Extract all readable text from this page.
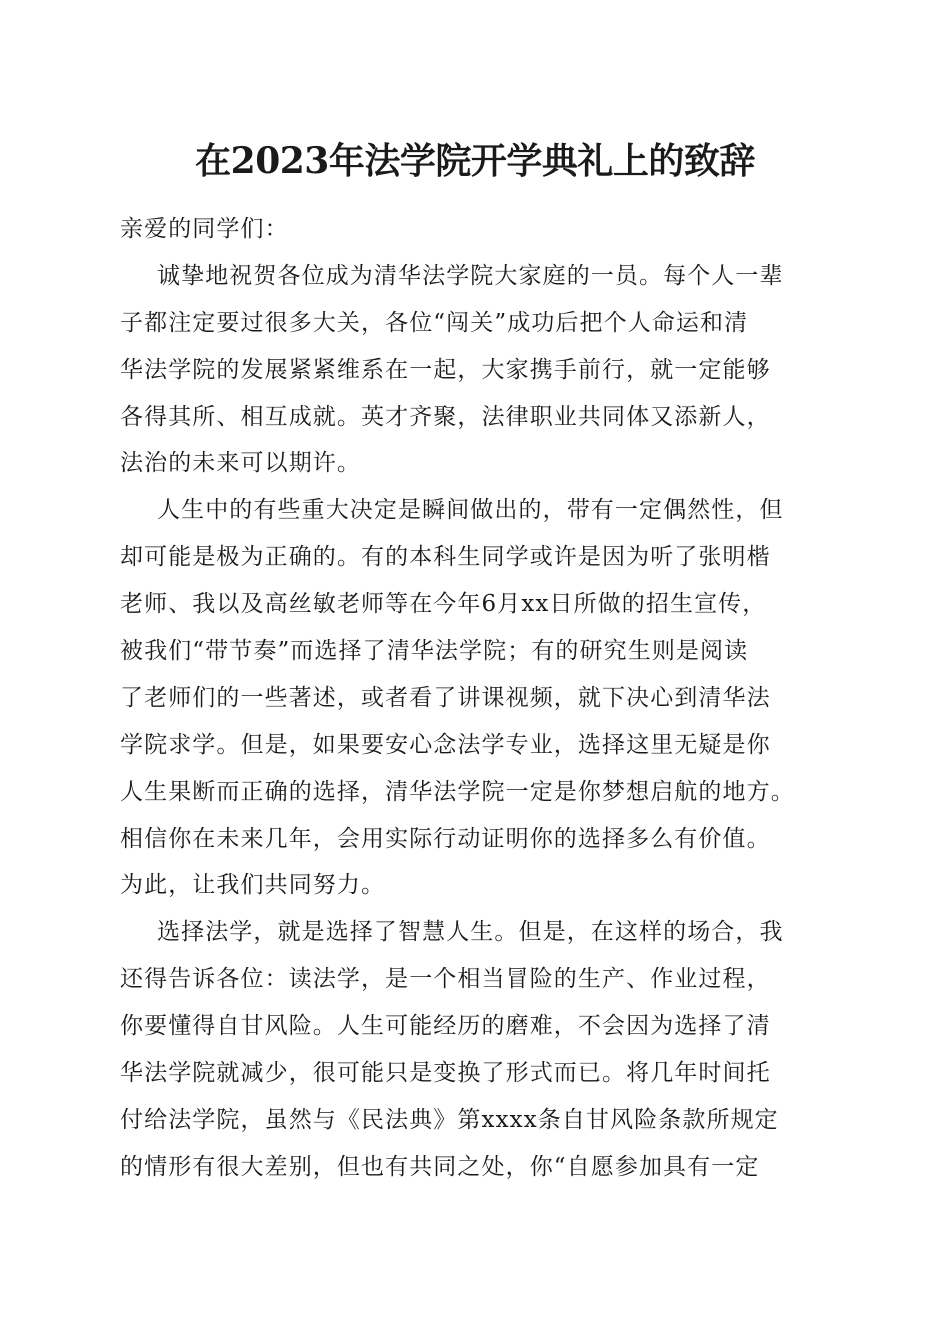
在2023年法学院开学典礼上的致辞
亲爱的同学们：
诚挚地祝贺各位成为清华法学院大家庭的一员。每个人一辈
子都注定要过很多大关，各位“闯关”成功后把个人命运和清
华法学院的发展紧紧维系在一起，大家携手前行，就一定能够
各得其所、相互成就。英才齐聚，法律职业共同体又添新人，
法治的未来可以期许。
人生中的有些重大决定是瞬间做出的，带有一定偶然性，但
却可能是极为正确的。有的本科生同学或许是因为听了张明楷
老师、我以及高丝敏老师等在今年6月xx日所做的招生宣传，
被我们“带节奏”而选择了清华法学院；有的研究生则是阅读
了老师们的一些著述，或者看了讲课视频，就下决心到清华法
学院求学。但是，如果要安心念法学专业，选择这里无疑是你
人生果断而正确的选择，清华法学院一定是你梦想启航的地方。
相信你在未来几年，会用实际行动证明你的选择多么有价值。
为此，让我们共同努力。
选择法学，就是选择了智慧人生。但是，在这样的场合，我
还得告诉各位：读法学，是一个相当冒险的生产、作业过程，
你要懂得自甘风险。人生可能经历的磨难，不会因为选择了清
华法学院就减少，很可能只是变换了形式而已。将几年时间托
付给法学院，虽然与《民法典》第xxxx条自甘风险条款所规定
的情形有很大差别，但也有共同之处，你“自愿参加具有一定
